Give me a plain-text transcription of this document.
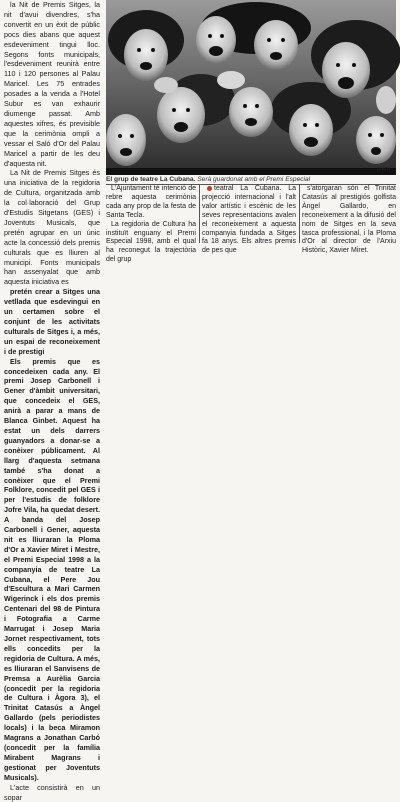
la Nit de Premis Sitges, la nit d'avui divendres, s'ha convertit en un èxit de públic pocs dies abans que aquest esdeveniment tingui lloc. Segons fonts municipals, l'esdeveniment reunirà entre 110 i 120 persones al Palau Maricel. Les 75 entrades posades a la venda a l'Hotel Subur es van exhaurir diumenge passat. Amb aquestes xifres, és previsible que la cerimònia ompli a vessar el Saló d'Or del Palau Maricel a partir de les deu d'aquesta nit.

La Nit de Premis Sitges és una iniciativa de la regidoria de Cultura, organitzada amb la col·laboració del Grup d'Estudis Sitgetans (GES) i Joventuts Musicals, que pretén agrupar en un únic acte la concessió dels premis culturals que es lliuren al municipi. Fonts municipals han assenyalat que amb aquesta iniciativa es

pretén crear a Sitges una vetllada que esdevingui en un certamen sobre el conjunt de les activitats culturals de Sitges i, a més, un espai de reconeixement i de prestigi

Els premis que es concedeixen cada any. El premi Josep Carbonell i Gener d'àmbit universitari, que concedeix el GES, anirà a parar a mans de Blanca Ginbet. Aquest ha estat un dels darrers guanyadors a donar-se a conèixer públicament. Al llarg d'aquesta setmana també s'ha donat a conèixer que el Premi Folklore, concedit pel GES i per l'estudis de folklore Jofre Vila, ha quedat desert. A banda del Josep Carbonell i Gener, aquesta nit es lliuraran la Ploma d'Or a Xavier Miret i Mestre, el Premi Especial 1998 a la companyia de teatre La Cubana, el Pere Jou d'Escultura a Mari Carmen Wigerinck i els dos premis Centenari del 98 de Pintura i Fotografia a Carme Marrugat i Josep Maria Jornet respectivament, tots ells concedits per la regidoria de Cultura. A més, es lliuraran el Sanvisens de Premsa a Aurèlia Garcia (concedit per la regidoria de Cultura i Àgora 3), el Trinitat Catasús a Àngel Gallardo (pels periodistes locals) i la beca Miramon Magrans a Jonathan Carbó (concedit per la família Mirabent Magrans i gestionat per Joventuts Musicals).

L'acte consistirà en un sopar

DIARI
El grup de teatre La Cubana. Serà guardonat amb el Premi Especial

L'Ajuntament té intenció de rebre aquesta cerimònia cada any prop de la festa de Santa Tecla.

La regidoria de Cultura ha instituït enguany el Premi Especial 1998, amb el qual ha reconegut la trajectòria del grup

teatral La Cubana. La projecció internacional i l'alt valor artístic i escènic de les seves representacions avalen el reconeixement a aquesta companyia fundada a Sitges fa 18 anys. Els altres premis de pes que

s'atorgaran són el Trinitat Catasús al prestigiós golfista Àngel Gallardo, en reconeixement a la difusió del nom de Sitges en la seva tasca professional, i la Ploma d'Or al director de l'Arxiu Històric, Xavier Miret.
